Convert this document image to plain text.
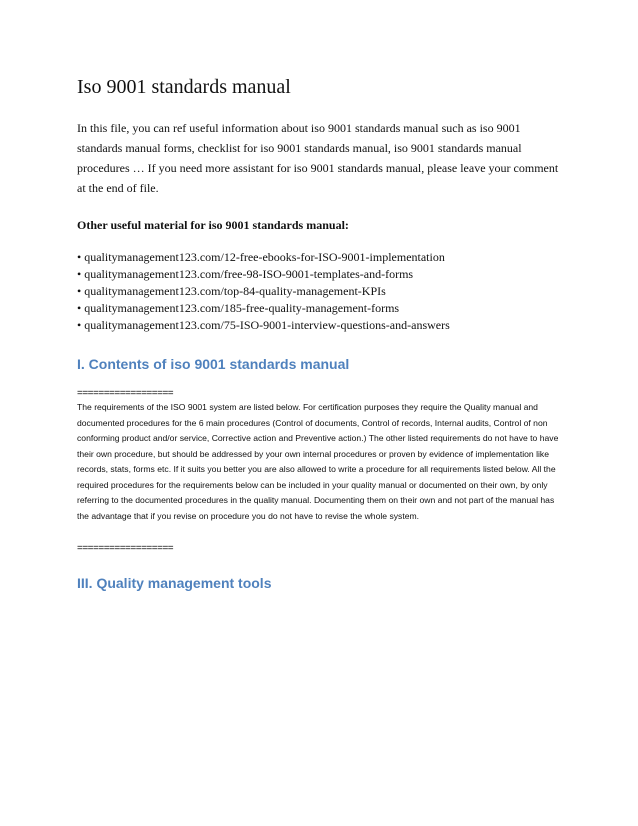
Iso 9001 standards manual

In this file, you can ref useful information about iso 9001 standards manual such as iso 9001 standards manual forms, checklist for iso 9001 standards manual, iso 9001 standards manual procedures … If you need more assistant for iso 9001 standards manual, please leave your comment at the end of file.

Other useful material for iso 9001 standards manual:

• qualitymanagement123.com/12-free-ebooks-for-ISO-9001-implementation
• qualitymanagement123.com/free-98-ISO-9001-templates-and-forms
• qualitymanagement123.com/top-84-quality-management-KPIs
• qualitymanagement123.com/185-free-quality-management-forms
• qualitymanagement123.com/75-ISO-9001-interview-questions-and-answers
I. Contents of iso 9001 standards manual

==================

The requirements of the ISO 9001 system are listed below. For certification purposes they require the Quality manual and documented procedures for the 6 main procedures (Control of documents, Control of records, Internal audits, Control of non conforming product and/or service, Corrective action and Preventive action.) The other listed requirements do not have to have their own procedure, but should be addressed by your own internal procedures or proven by evidence of implementation like records, stats, forms etc. If it suits you better you are also allowed to write a procedure for all requirements listed below. All the required procedures for the requirements below can be included in your quality manual or documented on their own, by only referring to the documented procedures in the quality manual. Documenting them on their own and not part of the manual has the advantage that if you revise on procedure you do not have to revise the whole system.

==================

III. Quality management tools
